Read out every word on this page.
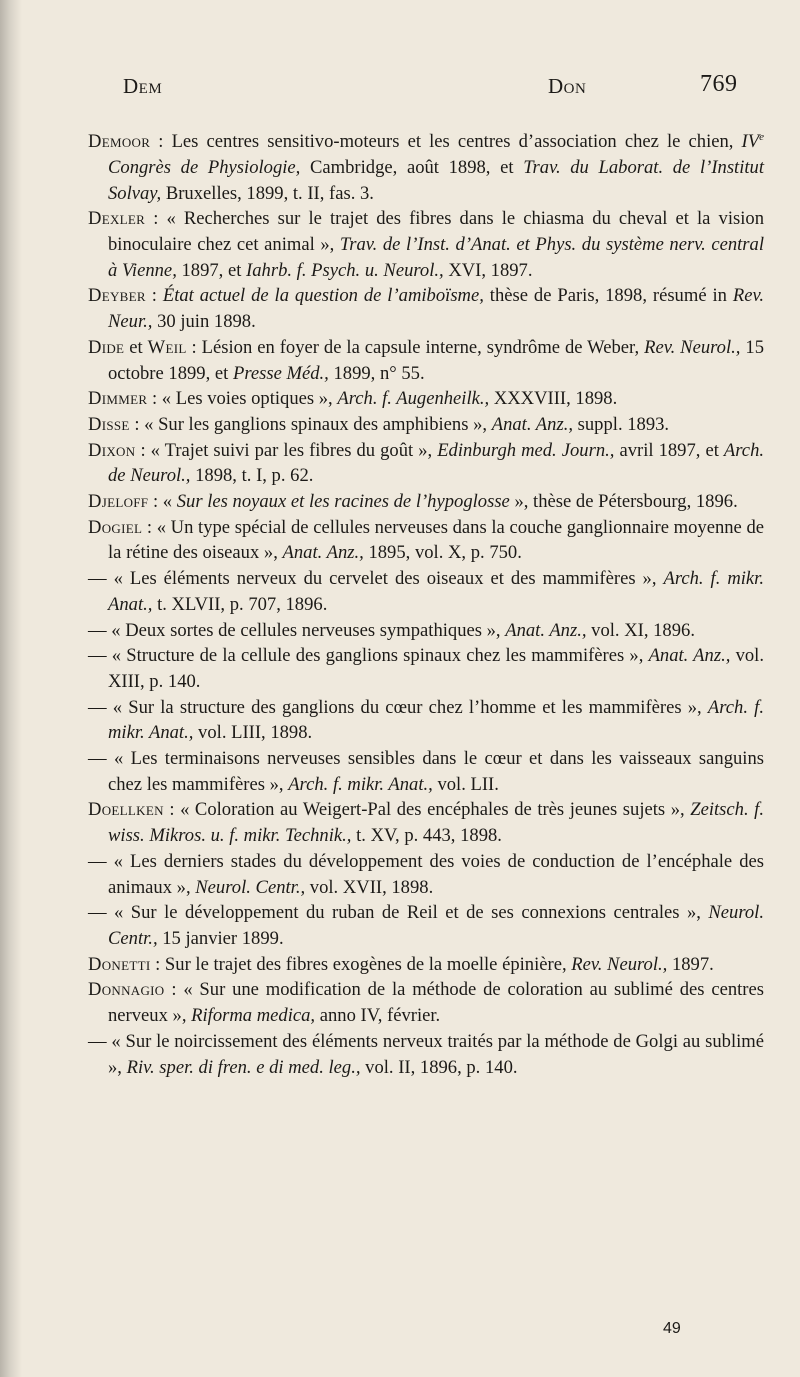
Dem	Don	769

Demoor : Les centres sensitivo-moteurs et les centres d’association chez le chien, IVe Congrès de Physiologie, Cambridge, août 1898, et Trav. du Laborat. de l’Institut Solvay, Bruxelles, 1899, t. II, fas. 3.

Dexler : « Recherches sur le trajet des fibres dans le chiasma du cheval et la vision binoculaire chez cet animal », Trav. de l’Inst. d’Anat. et Phys. du système nerv. central à Vienne, 1897, et Iahrb. f. Psych. u. Neurol., XVI, 1897.

Deyber : État actuel de la question de l’amiboïsme, thèse de Paris, 1898, résumé in Rev. Neur., 30 juin 1898.

Dide et Weil : Lésion en foyer de la capsule interne, syndrôme de Weber, Rev. Neurol., 15 octobre 1899, et Presse Méd., 1899, n° 55.

Dimmer : « Les voies optiques », Arch. f. Augenheilk., XXXVIII, 1898.

Disse : « Sur les ganglions spinaux des amphibiens », Anat. Anz., suppl. 1893.

Dixon : « Trajet suivi par les fibres du goût », Edinburgh med. Journ., avril 1897, et Arch. de Neurol., 1898, t. I, p. 62.

Djeloff : « Sur les noyaux et les racines de l’hypoglosse », thèse de Pétersbourg, 1896.

Dogiel : « Un type spécial de cellules nerveuses dans la couche ganglionnaire moyenne de la rétine des oiseaux », Anat. Anz., 1895, vol. X, p. 750.

— « Les éléments nerveux du cervelet des oiseaux et des mammifères », Arch. f. mikr. Anat., t. XLVII, p. 707, 1896.

— « Deux sortes de cellules nerveuses sympathiques », Anat. Anz., vol. XI, 1896.

— « Structure de la cellule des ganglions spinaux chez les mammifères », Anat. Anz., vol. XIII, p. 140.

— « Sur la structure des ganglions du cœur chez l’homme et les mammifères », Arch. f. mikr. Anat., vol. LIII, 1898.

— « Les terminaisons nerveuses sensibles dans le cœur et dans les vaisseaux sanguins chez les mammifères », Arch. f. mikr. Anat., vol. LII.

Doellken : « Coloration au Weigert-Pal des encéphales de très jeunes sujets », Zeitsch. f. wiss. Mikros. u. f. mikr. Technik., t. XV, p. 443, 1898.

— « Les derniers stades du développement des voies de conduction de l’encéphale des animaux », Neurol. Centr., vol. XVII, 1898.

— « Sur le développement du ruban de Reil et de ses connexions centrales », Neurol. Centr., 15 janvier 1899.

Donetti : Sur le trajet des fibres exogènes de la moelle épinière, Rev. Neurol., 1897.

Donnagio : « Sur une modification de la méthode de coloration au sublimé des centres nerveux », Riforma medica, anno IV, février.

— « Sur le noircissement des éléments nerveux traités par la méthode de Golgi au sublimé », Riv. sper. di fren. e di med. leg., vol. II, 1896, p. 140.

49
